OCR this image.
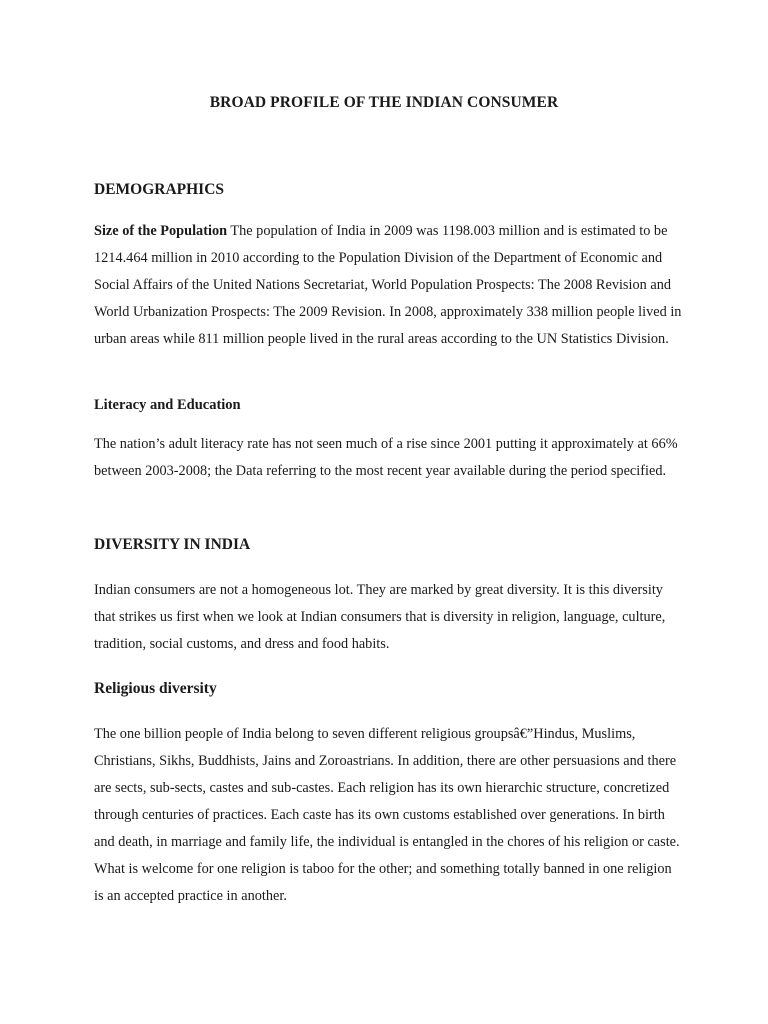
BROAD PROFILE OF THE INDIAN CONSUMER
DEMOGRAPHICS

Size of the Population The population of India in 2009 was 1198.003 million and is estimated to be 1214.464 million in 2010 according to the Population Division of the Department of Economic and Social Affairs of the United Nations Secretariat, World Population Prospects: The 2008 Revision and World Urbanization Prospects: The 2009 Revision. In 2008, approximately 338 million people lived in urban areas while 811 million people lived in the rural areas according to the UN Statistics Division.

Literacy and Education

The nation’s adult literacy rate has not seen much of a rise since 2001 putting it approximately at 66% between 2003-2008; the Data referring to the most recent year available during the period specified.

DIVERSITY IN INDIA

Indian consumers are not a homogeneous lot. They are marked by great diversity. It is this diversity that strikes us first when we look at Indian consumers that is diversity in religion, language, culture, tradition, social customs, and dress and food habits.

Religious diversity

The one billion people of India belong to seven different religious groupsâ€”Hindus, Muslims, Christians, Sikhs, Buddhists, Jains and Zoroastrians. In addition, there are other persuasions and there are sects, sub-sects, castes and sub-castes. Each religion has its own hierarchic structure, concretized through centuries of practices. Each caste has its own customs established over generations. In birth and death, in marriage and family life, the individual is entangled in the chores of his religion or caste. What is welcome for one religion is taboo for the other; and something totally banned in one religion is an accepted practice in another.
